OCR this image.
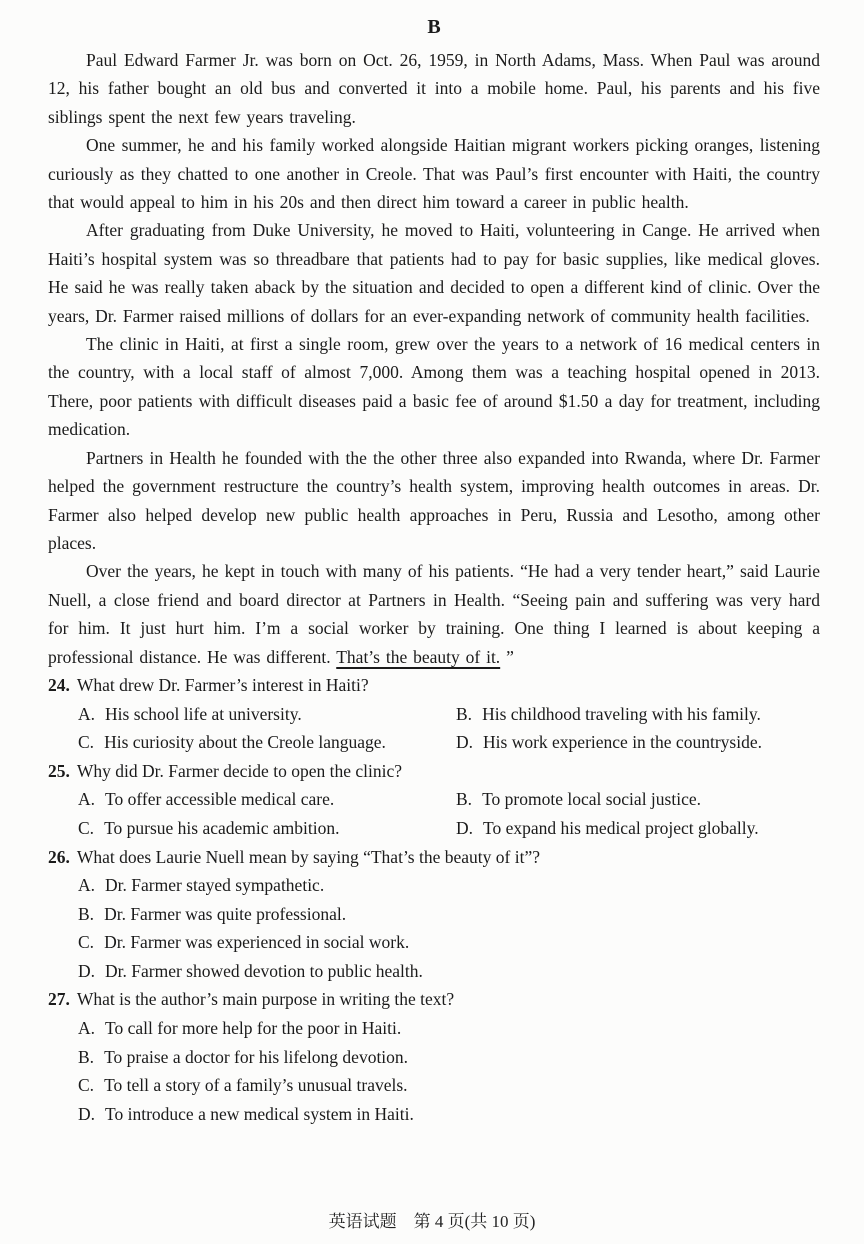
B

Paul Edward Farmer Jr. was born on Oct. 26, 1959, in North Adams, Mass. When Paul was around 12, his father bought an old bus and converted it into a mobile home. Paul, his parents and his five siblings spent the next few years traveling.

One summer, he and his family worked alongside Haitian migrant workers picking oranges, listening curiously as they chatted to one another in Creole. That was Paul’s first encounter with Haiti, the country that would appeal to him in his 20s and then direct him toward a career in public health.

After graduating from Duke University, he moved to Haiti, volunteering in Cange. He arrived when Haiti’s hospital system was so threadbare that patients had to pay for basic supplies, like medical gloves. He said he was really taken aback by the situation and decided to open a different kind of clinic. Over the years, Dr. Farmer raised millions of dollars for an ever-expanding network of community health facilities.

The clinic in Haiti, at first a single room, grew over the years to a network of 16 medical centers in the country, with a local staff of almost 7,000. Among them was a teaching hospital opened in 2013. There, poor patients with difficult diseases paid a basic fee of around $1.50 a day for treatment, including medication.

Partners in Health he founded with the the other three also expanded into Rwanda, where Dr. Farmer helped the government restructure the country’s health system, improving health outcomes in areas. Dr. Farmer also helped develop new public health approaches in Peru, Russia and Lesotho, among other places.

Over the years, he kept in touch with many of his patients. “He had a very tender heart,” said Laurie Nuell, a close friend and board director at Partners in Health. “Seeing pain and suffering was very hard for him. It just hurt him. I’m a social worker by training. One thing I learned is about keeping a professional distance. He was different. That’s the beauty of it. ”

24. What drew Dr. Farmer’s interest in Haiti?
A. His school life at university.	B. His childhood traveling with his family.
C. His curiosity about the Creole language.	D. His work experience in the countryside.
25. Why did Dr. Farmer decide to open the clinic?
A. To offer accessible medical care.	B. To promote local social justice.
C. To pursue his academic ambition.	D. To expand his medical project globally.
26. What does Laurie Nuell mean by saying “That’s the beauty of it”?
A. Dr. Farmer stayed sympathetic.
B. Dr. Farmer was quite professional.
C. Dr. Farmer was experienced in social work.
D. Dr. Farmer showed devotion to public health.
27. What is the author’s main purpose in writing the text?
A. To call for more help for the poor in Haiti.
B. To praise a doctor for his lifelong devotion.
C. To tell a story of a family’s unusual travels.
D. To introduce a new medical system in Haiti.
英语试题　第 4 页(共 10 页)
